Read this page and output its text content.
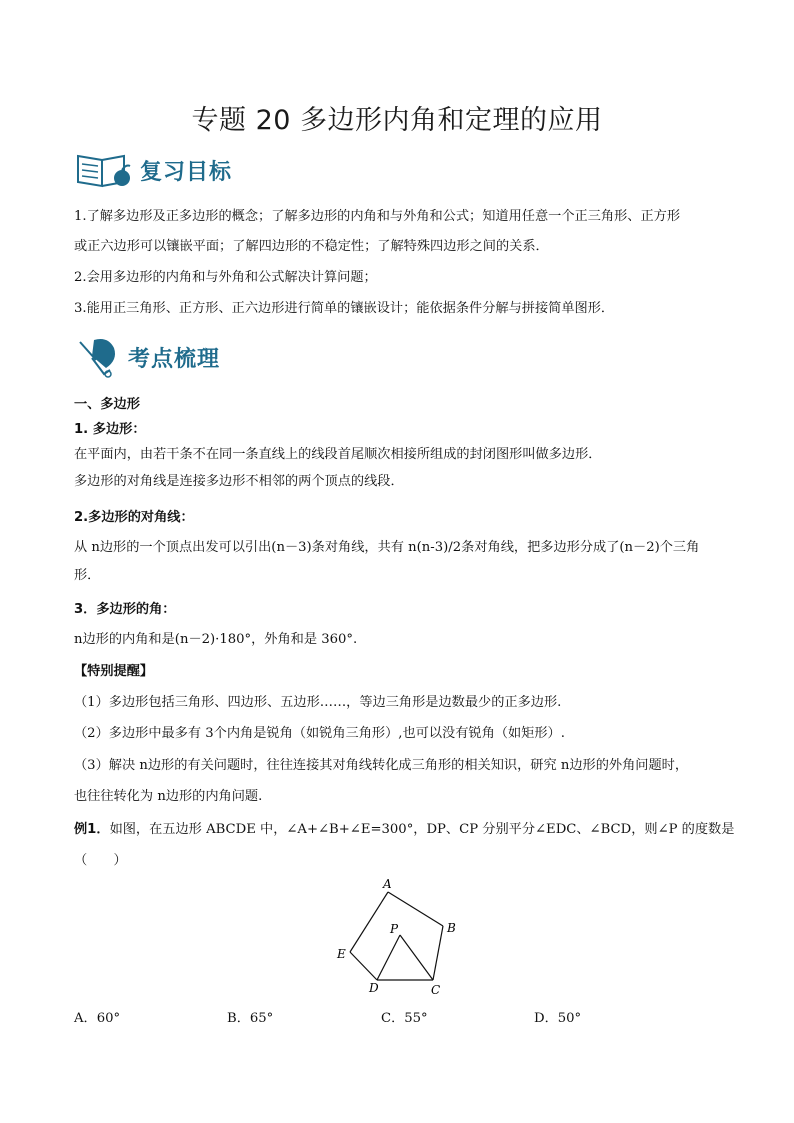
专题 20 多边形内角和定理的应用
复习目标
1.了解多边形及正多边形的概念；了解多边形的内角和与外角和公式；知道用任意一个正三角形、正方形
或正六边形可以镶嵌平面；了解四边形的不稳定性；了解特殊四边形之间的关系．
2.会用多边形的内角和与外角和公式解决计算问题；
3.能用正三角形、正方形、正六边形进行简单的镶嵌设计；能依据条件分解与拼接简单图形．
考点梳理
一、多边形
1. 多边形：
在平面内，由若干条不在同一条直线上的线段首尾顺次相接所组成的封闭图形叫做多边形．
多边形的对角线是连接多边形不相邻的两个顶点的线段．
2.多边形的对角线：
从 n边形的一个顶点出发可以引出(n－3)条对角线，共有 n(n-3)/2条对角线，把多边形分成了(n－2)个三角
形．
3．多边形的角：
n边形的内角和是(n－2)·180°，外角和是 360°.
【特别提醒】
（1）多边形包括三角形、四边形、五边形……，等边三角形是边数最少的正多边形.
（2）多边形中最多有 3个内角是锐角（如锐角三角形）,也可以没有锐角（如矩形）.
（3）解决 n边形的有关问题时，往往连接其对角线转化成三角形的相关知识，研究 n边形的外角问题时，
也往往转化为 n边形的内角问题.
例1．如图，在五边形 ABCDE 中，∠A+∠B+∠E=300°，DP、CP 分别平分∠EDC、∠BCD，则∠P 的度数是
（　　）
A
B
C
D
E
P
A．60°	B．65°	C．55°	D．50°
